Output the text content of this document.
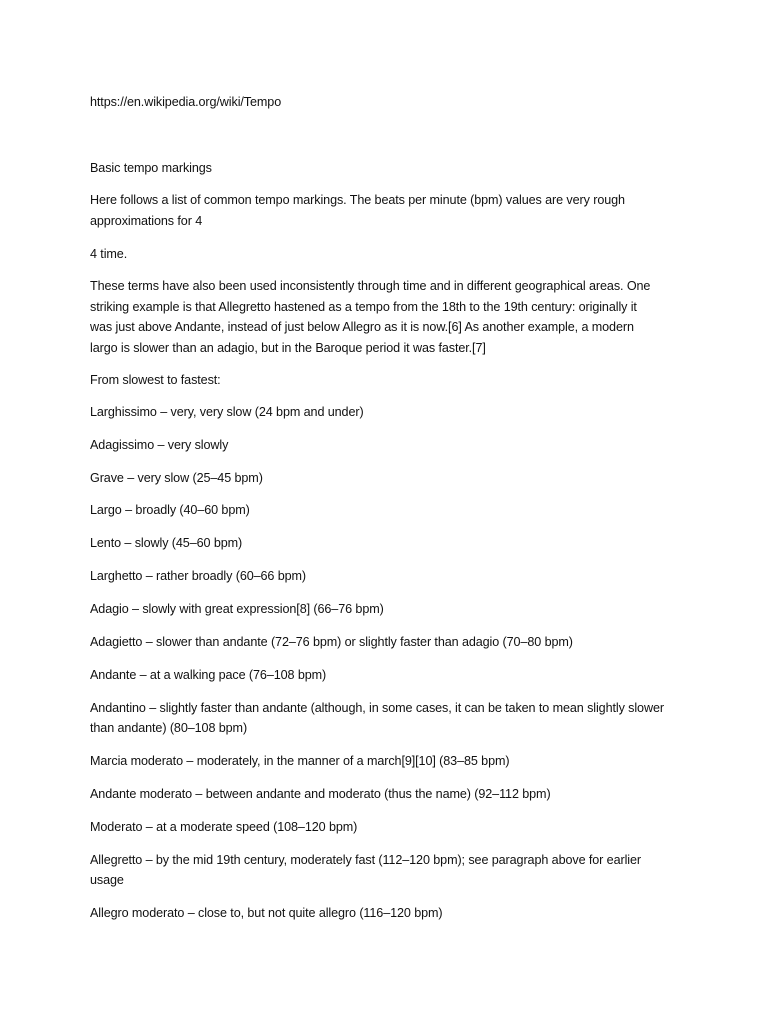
https://en.wikipedia.org/wiki/Tempo
Basic tempo markings
Here follows a list of common tempo markings. The beats per minute (bpm) values are very rough
approximations for 4
4 time.
These terms have also been used inconsistently through time and in different geographical areas. One
striking example is that Allegretto hastened as a tempo from the 18th to the 19th century: originally it
was just above Andante, instead of just below Allegro as it is now.[6] As another example, a modern
largo is slower than an adagio, but in the Baroque period it was faster.[7]
From slowest to fastest:
Larghissimo – very, very slow (24 bpm and under)
Adagissimo – very slowly
Grave – very slow (25–45 bpm)
Largo – broadly (40–60 bpm)
Lento – slowly (45–60 bpm)
Larghetto – rather broadly (60–66 bpm)
Adagio – slowly with great expression[8] (66–76 bpm)
Adagietto – slower than andante (72–76 bpm) or slightly faster than adagio (70–80 bpm)
Andante – at a walking pace (76–108 bpm)
Andantino – slightly faster than andante (although, in some cases, it can be taken to mean slightly slower
than andante) (80–108 bpm)
Marcia moderato – moderately, in the manner of a march[9][10] (83–85 bpm)
Andante moderato – between andante and moderato (thus the name) (92–112 bpm)
Moderato – at a moderate speed (108–120 bpm)
Allegretto – by the mid 19th century, moderately fast (112–120 bpm); see paragraph above for earlier
usage
Allegro moderato – close to, but not quite allegro (116–120 bpm)
